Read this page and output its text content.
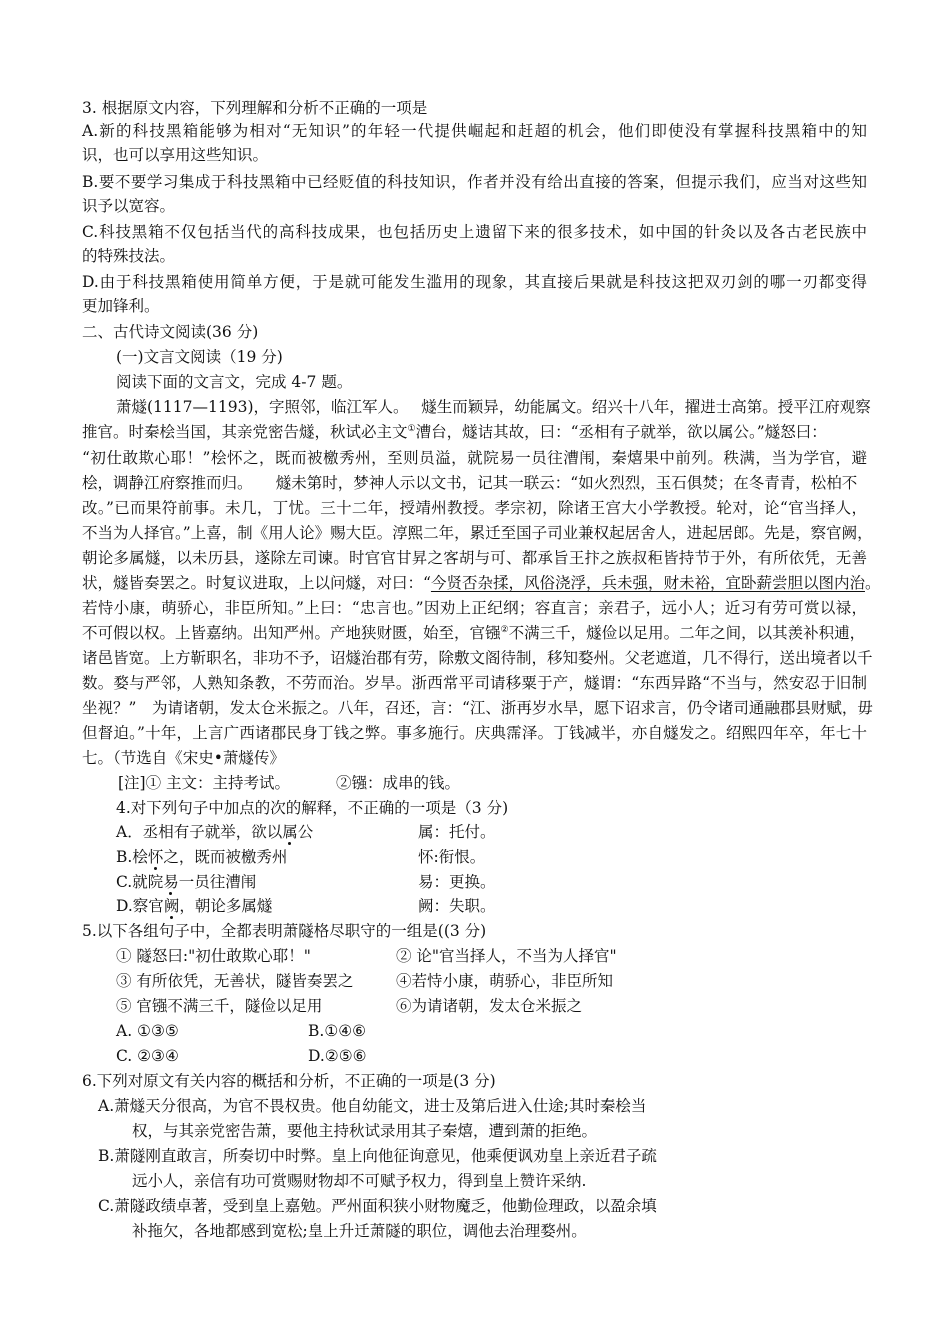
3. 根据原文内容，下列理解和分析不正确的一项是
A.新的科技黑箱能够为相对“无知识”的年轻一代提供崛起和赶超的机会，他们即使没有掌握科技黑箱中的知
识，也可以享用这些知识。
B.要不要学习集成于科技黑箱中已经贬值的科技知识，作者并没有给出直接的答案，但提示我们，应当对这些知
识予以宽容。
C.科技黑箱不仅包括当代的高科技成果，也包括历史上遗留下来的很多技术，如中国的针灸以及各古老民族中
的特殊技法。
D.由于科技黑箱使用简单方便，于是就可能发生滥用的现象，其直接后果就是科技这把双刃剑的哪一刃都变得
更加锋利。
二、古代诗文阅读(36 分)
(一)文言文阅读（19 分)
阅读下面的文言文，完成 4-7 题。
萧燧(1117—1193)，字照邻，临江军人。　 燧生而颖异，幼能属文。绍兴十八年，擢进士高第。授平江府观察
推官。时秦桧当国，其亲党密告燧，秋试必主文①漕台，燧诘其故，曰：“丞相有子就举，欲以属公。”燧怒曰：
“初仕敢欺心耶！”桧怀之，既而被檄秀州，至则员溢，就院易一员往漕闱，秦熺果中前列。秩满，当为学官，避
桧，调静江府察推而归。　　 燧未第时，梦神人示以文书，记其一联云：“如火烈烈，玉石俱焚；在冬青青，松柏不
改。”已而果符前事。未几，丁忧。三十二年，授靖州教授。孝宗初，除诸王宫大小学教授。轮对，论“官当择人，
不当为人择官。”上喜，制《用人论》赐大臣。淳熙二年，累迁至国子司业兼权起居舍人，进起居郎。先是，察官阙，
朝论多属燧，以未历县，遂除左司谏。时官官甘昇之客胡与可、都承旨王抃之族叔秬皆持节于外，有所依凭，无善
状，燧皆奏罢之。时复议进取，上以问燧，对曰：“今贤否杂揉，风俗浇浮，兵未强，财未裕，宜卧薪尝胆以图内治。
若恃小康，萌骄心，非臣所知。”上曰：“忠言也。”因劝上正纪纲；容直言；亲君子，远小人；近习有劳可赏以禄，
不可假以权。上皆嘉纳。出知严州。产地狭财匮，始至，官镪②不满三千，燧俭以足用。二年之间，以其羡补积逋，
诸邑皆宽。上方靳职名，非功不予，诏燧治郡有劳，除敷文阁待制，移知婺州。父老遮道，几不得行，送出境者以千
数。婺与严邻，人熟知条教，不劳而治。岁旱。浙西常平司请移粟于产，燧谓：“东西异路“不当与，然安忍于旧制
坐视？”　 为请诸朝，发太仓米振之。八年，召还，言：“江、浙再岁水旱，愿下诏求言，仍令诸司通融郡县财赋，毋
但督迫。”十年，上言广西诸郡民身丁钱之弊。事多施行。庆典霈泽。丁钱减半，亦自燧发之。绍熙四年卒，年七十
七。（节选自《宋史•萧燧传》
[注]① 主文：主持考试。	②镪：成串的钱。
4.对下列句子中加点的次的解释，不正确的一项是（3 分)
A．丞相有子就举，欲以属公	属：托付。
B.桧怀之，既而被檄秀州	怀:衔恨。
C.就院易一员往漕闱	易：更换。
D.察官阙，朝论多属燧	阙：失职。
5.以下各组句子中，全都表明萧隧格尽职守的一组是((3 分)
① 隧怒曰:"初仕敢欺心耶！"	② 论"官当择人，不当为人择官"
③ 有所依凭，无善状，隧皆奏罢之	④若恃小康，萌骄心，非臣所知
⑤ 官镪不满三千，隧俭以足用	⑥为请诸朝，发太仓米振之
A. ①③⑤	B.①④⑥
C. ②③④	D.②⑤⑥
6.下列对原文有关内容的概括和分析，不正确的一项是(3 分)
A.萧燧天分很高，为官不畏权贵。他自幼能文，进士及第后进入仕途;其时秦桧当
权，与其亲党密告萧，要他主持秋试录用其子秦熺，遭到萧的拒绝。
B.萧隧刚直敢言，所奏切中时弊。皇上向他征询意见，他乘便讽劝皇上亲近君子疏
远小人，亲信有功可赏赐财物却不可赋予权力，得到皇上赞许采纳.
C.萧隧政绩卓著，受到皇上嘉勉。严州面积狭小财物魔乏，他勤俭理政，以盈余填
补拖欠，各地都感到宽松;皇上升迁萧隧的职位，调他去治理婺州。
